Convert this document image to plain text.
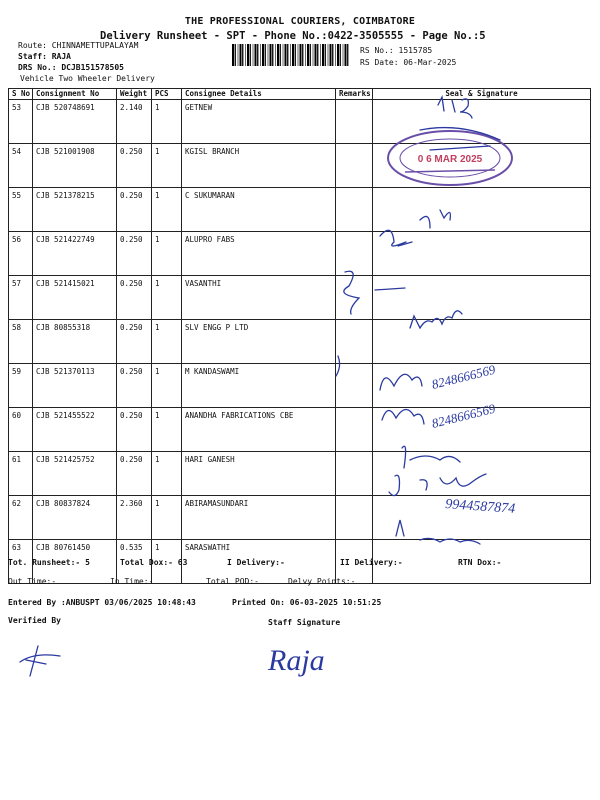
THE PROFESSIONAL COURIERS, COIMBATORE
Delivery Runsheet - SPT - Phone No.:0422-3505555 - Page No.:5
Route: CHINNAMETTUPALAYAM
Staff: RAJA
DRS No.: DCJB151578505
Vehicle Two Wheeler Delivery
RS No.: 1515785
RS Date: 06-Mar-2025
S No	Consignment No	Weight	PCS	Consignee Details	Remarks	Seal & Signature
53	CJB 520748691	2.140	1	GETNEW		
54	CJB 521001908	0.250	1	KGISL BRANCH		
55	CJB 521378215	0.250	1	C SUKUMARAN		
56	CJB 521422749	0.250	1	ALUPRO FABS		
57	CJB 521415021	0.250	1	VASANTHI		
58	CJB 80855318	0.250	1	SLV ENGG P LTD		
59	CJB 521370113	0.250	1	M KANDASWAMI		
60	CJB 521455522	0.250	1	ANANDHA FABRICATIONS CBE		
61	CJB 521425752	0.250	1	HARI GANESH		
62	CJB 80837824	2.360	1	ABIRAMASUNDARI		
63	CJB 80761450	0.535	1	SARASWATHI		
0 6 MAR 2025
8248666569
8248666569
9944587874
Raja
Tot. Runsheet:- 5	Total Dox:- 63	I Delivery:-	II Delivery:-	RTN Dox:-
Out Time:-	In Time:-	Total POD:-	Delvy Points:-
Entered By :ANBUSPT 03/06/2025 10:48:43	Printed On: 06-03-2025 10:51:25
Verified By	Staff Signature
